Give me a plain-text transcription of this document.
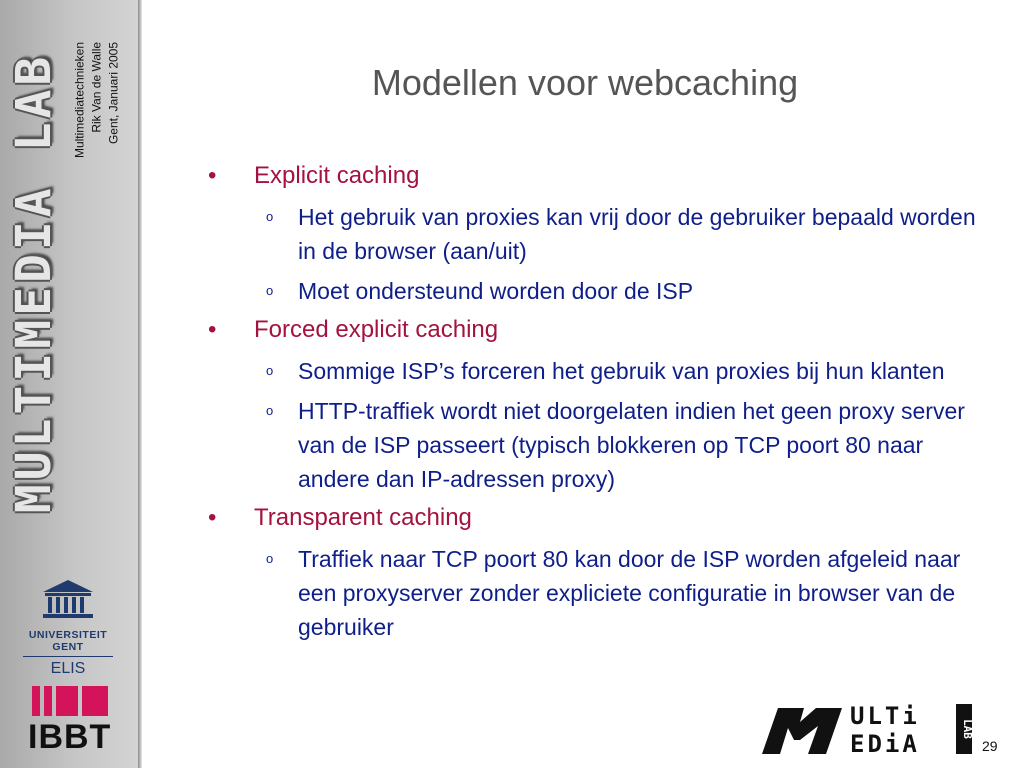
MULTIMEDIA LAB Multimediatechnieken Rik Van de Walle Gent, Januari 2005
UNIVERSITEIT
GENT
ELIS
IBBT
Modellen voor webcaching
• Explicit caching
o Het gebruik van proxies kan vrij door de gebruiker bepaald worden in de browser (aan/uit)
o Moet ondersteund worden door de ISP
• Forced explicit caching
o Sommige ISP’s forceren het gebruik van proxies bij hun klanten
o HTTP-traffiek wordt niet doorgelaten indien het geen proxy server van de ISP passeert (typisch blokkeren op TCP poort 80 naar andere dan IP-adressen proxy)
• Transparent caching
o Traffiek naar TCP poort 80 kan door de ISP worden afgeleid naar een proxyserver zonder expliciete configuratie in browser van de gebruiker
ULTi
EDiA
LAB
29
